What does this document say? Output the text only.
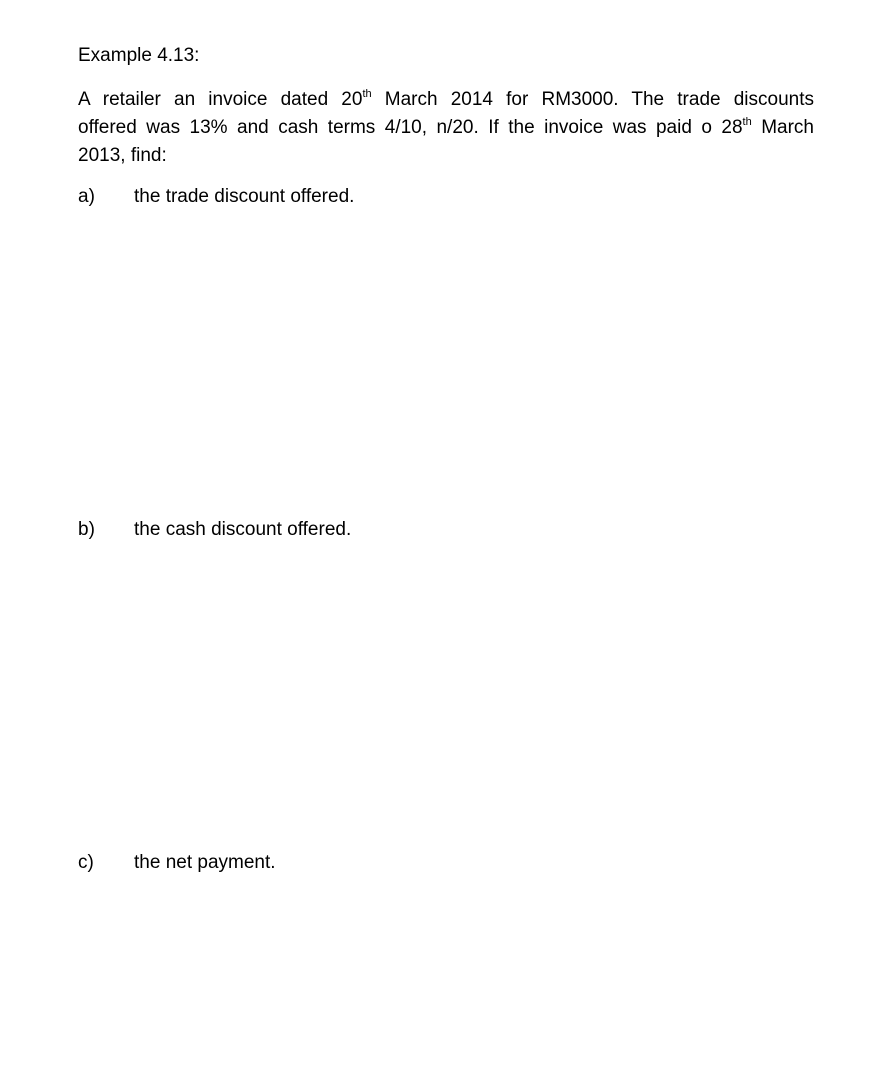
Example 4.13:
A retailer an invoice dated 20th March 2014 for RM3000. The trade discounts
offered was 13% and cash terms 4/10, n/20. If the invoice was paid o 28th March
2013, find:
a) the trade discount offered.
b) the cash discount offered.
c) the net payment.
